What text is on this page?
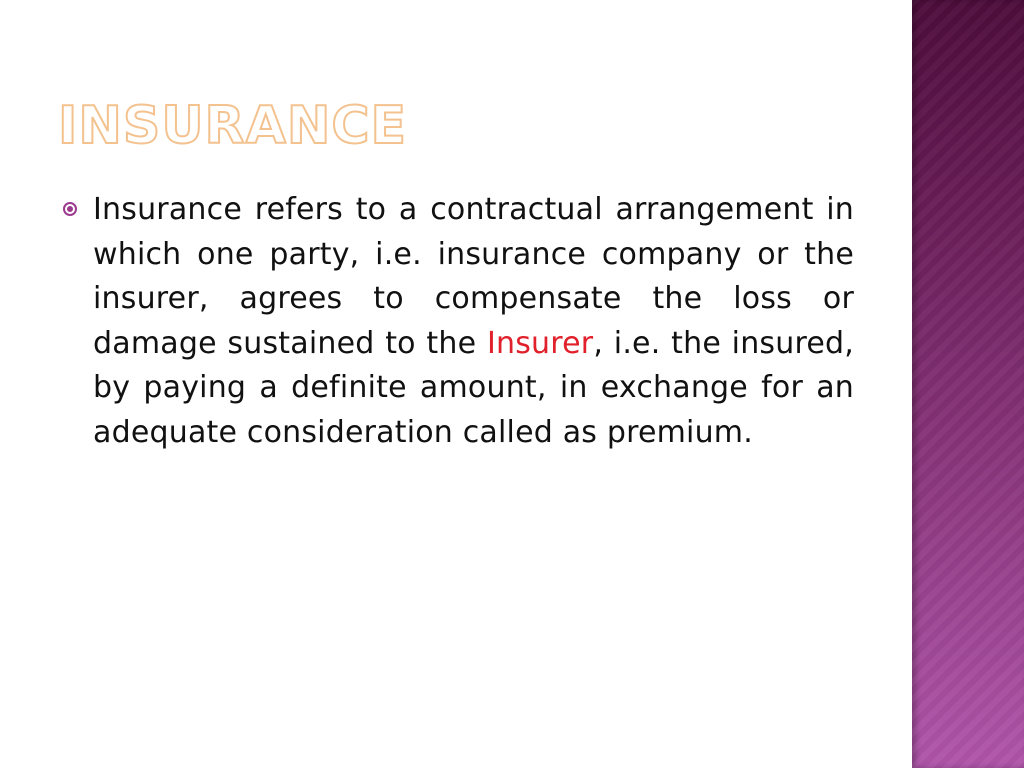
INSURANCE
Insurance refers to a contractual arrangement in which one party, i.e. insurance company or the insurer, agrees to compensate the loss or damage sustained to the Insurer, i.e. the insured, by paying a definite amount, in exchange for an adequate consideration called as premium.
